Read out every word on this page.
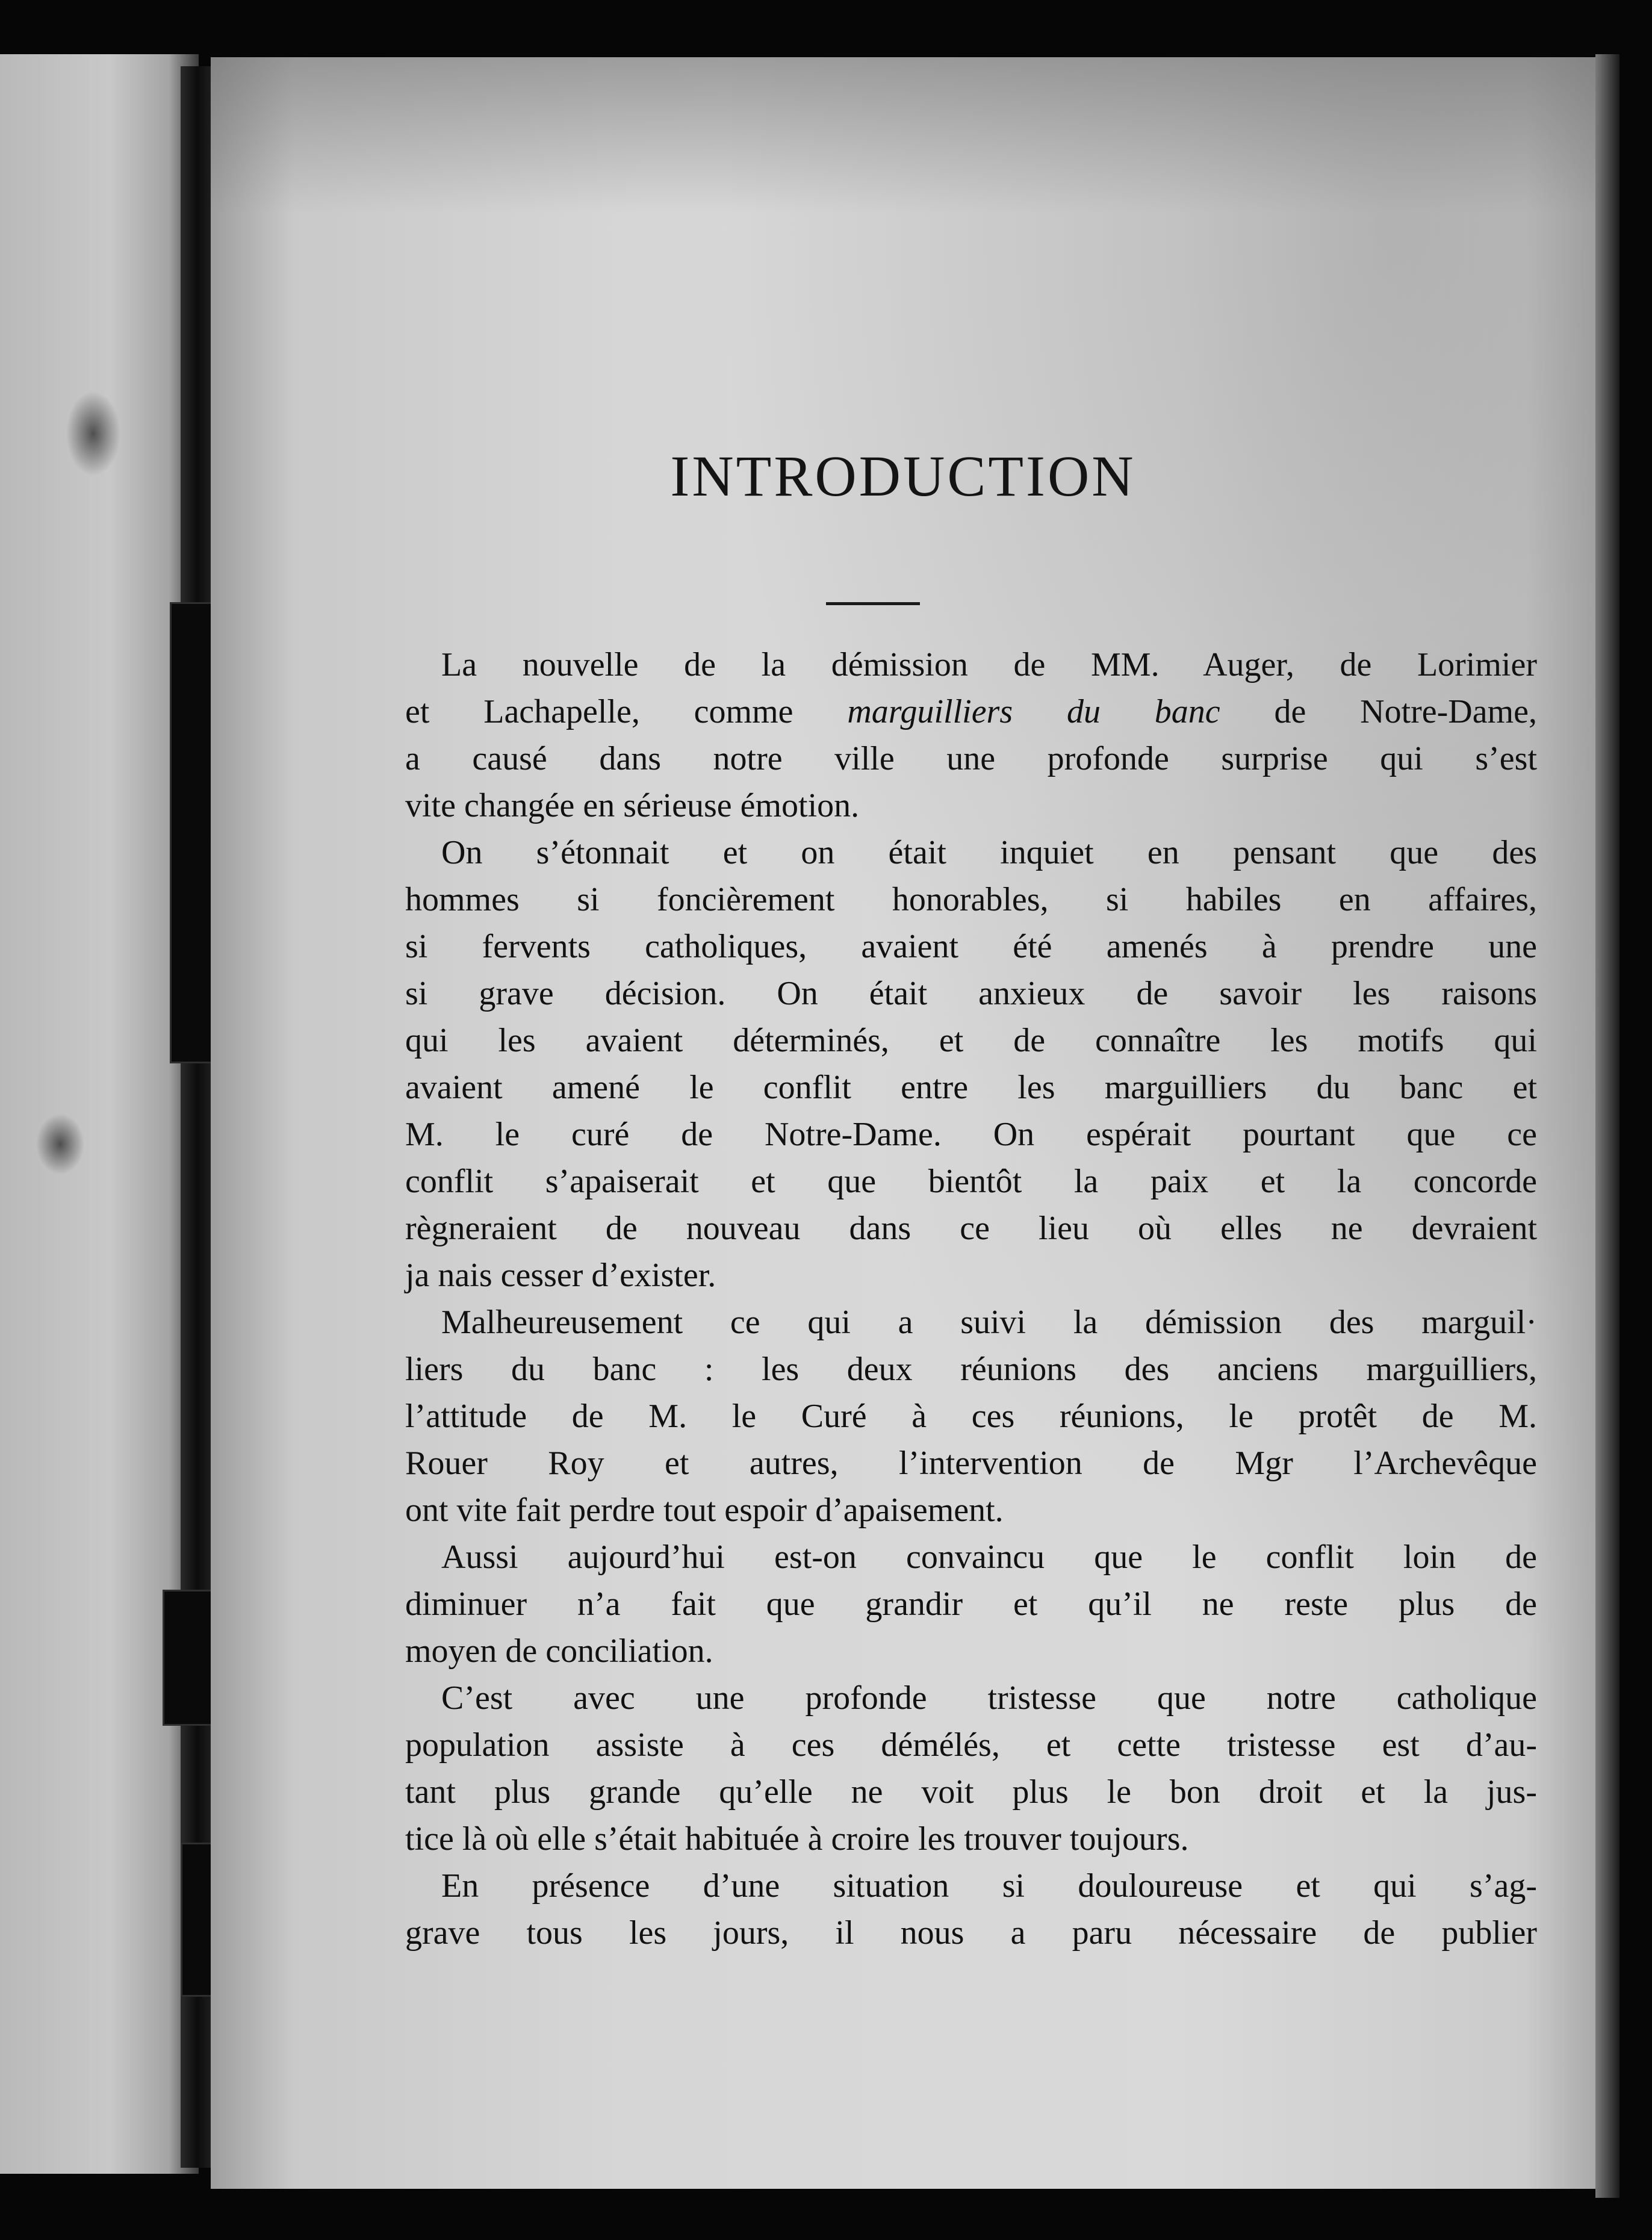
INTRODUCTION
La nouvelle de la démission de MM. Auger, de Lorimier
et Lachapelle, comme marguilliers du banc de Notre-Dame,
a causé dans notre ville une profonde surprise qui s’est
vite changée en sérieuse émotion.
On s’étonnait et on était inquiet en pensant que des
hommes si foncièrement honorables, si habiles en affaires,
si fervents catholiques, avaient été amenés à prendre une
si grave décision. On était anxieux de savoir les raisons
qui les avaient déterminés, et de connaître les motifs qui
avaient amené le conflit entre les marguilliers du banc et
M. le curé de Notre-Dame. On espérait pourtant que ce
conflit s’apaiserait et que bientôt la paix et la concorde
règneraient de nouveau dans ce lieu où elles ne devraient
ja nais cesser d’exister.
Malheureusement ce qui a suivi la démission des marguil·
liers du banc : les deux réunions des anciens marguilliers,
l’attitude de M. le Curé à ces réunions, le protêt de M.
Rouer Roy et autres, l’intervention de Mgr l’Archevêque
ont vite fait perdre tout espoir d’apaisement.
Aussi aujourd’hui est-on convaincu que le conflit loin de
diminuer n’a fait que grandir et qu’il ne reste plus de
moyen de conciliation.
C’est avec une profonde tristesse que notre catholique
population assiste à ces démélés, et cette tristesse est d’au-
tant plus grande qu’elle ne voit plus le bon droit et la jus-
tice là où elle s’était habituée à croire les trouver toujours.
En présence d’une situation si douloureuse et qui s’ag-
grave tous les jours, il nous a paru nécessaire de publier
